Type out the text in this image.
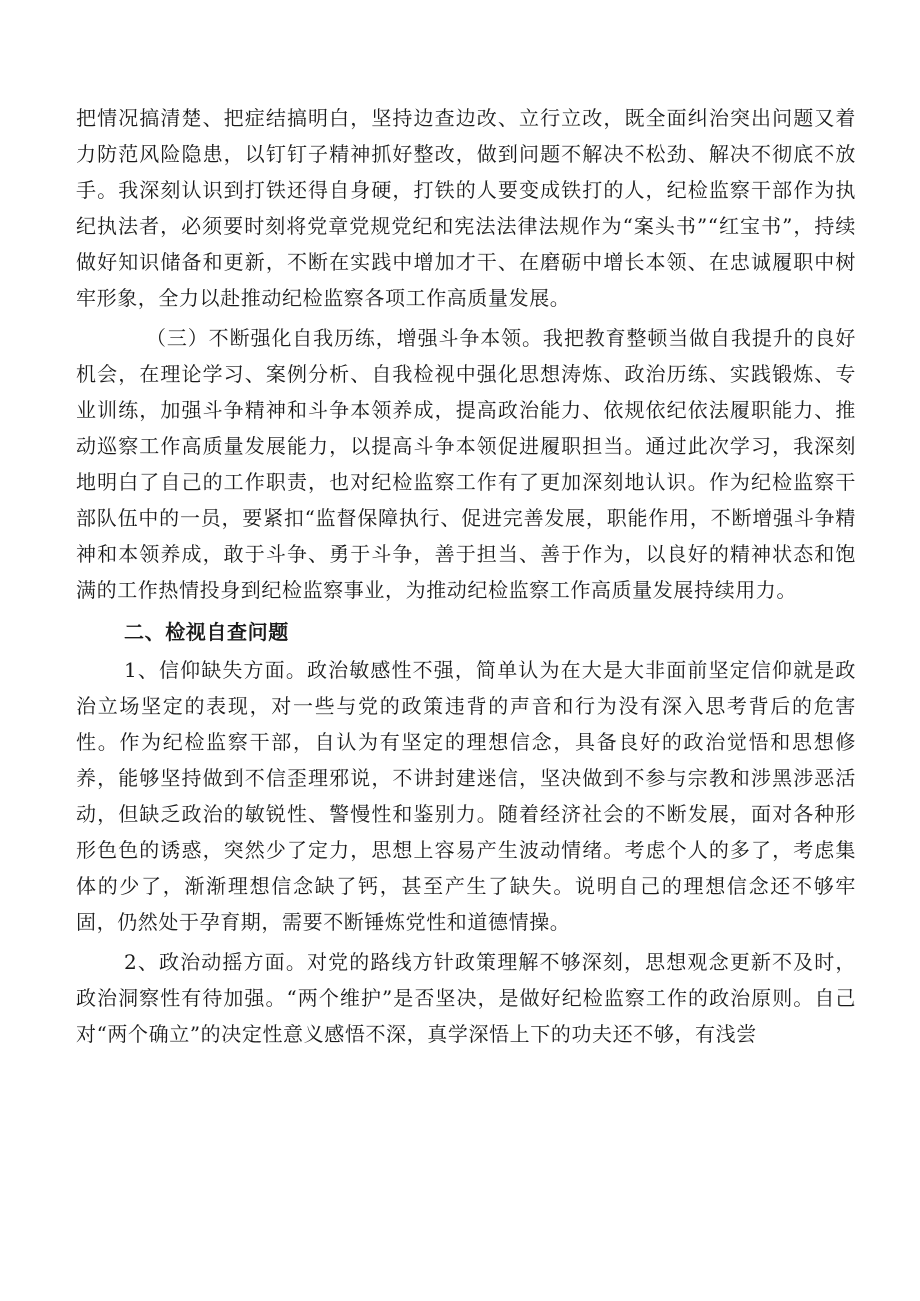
把情况搞清楚、把症结搞明白，坚持边查边改、立行立改，既全面纠治突出问题又着力防范风险隐患，以钉钉子精神抓好整改，做到问题不解决不松劲、解决不彻底不放手。我深刻认识到打铁还得自身硬，打铁的人要变成铁打的人，纪检监察干部作为执纪执法者，必须要时刻将党章党规党纪和宪法法律法规作为“案头书”“红宝书”，持续做好知识储备和更新，不断在实践中增加才干、在磨砺中增长本领、在忠诚履职中树牢形象，全力以赴推动纪检监察各项工作高质量发展。

（三）不断强化自我历练，增强斗争本领。我把教育整顿当做自我提升的良好机会，在理论学习、案例分析、自我检视中强化思想涛炼、政治历练、实践锻炼、专业训练，加强斗争精神和斗争本领养成，提高政治能力、依规依纪依法履职能力、推动巡察工作高质量发展能力，以提高斗争本领促进履职担当。通过此次学习，我深刻地明白了自己的工作职责，也对纪检监察工作有了更加深刻地认识。作为纪检监察干部队伍中的一员，要紧扣“监督保障执行、促进完善发展，职能作用，不断增强斗争精神和本领养成，敢于斗争、勇于斗争，善于担当、善于作为，以良好的精神状态和饱满的工作热情投身到纪检监察事业，为推动纪检监察工作高质量发展持续用力。

二、检视自查问题

1、信仰缺失方面。政治敏感性不强，简单认为在大是大非面前坚定信仰就是政治立场坚定的表现，对一些与党的政策违背的声音和行为没有深入思考背后的危害性。作为纪检监察干部，自认为有坚定的理想信念，具备良好的政治觉悟和思想修养，能够坚持做到不信歪理邪说，不讲封建迷信，坚决做到不参与宗教和涉黑涉恶活动，但缺乏政治的敏锐性、警慢性和鉴别力。随着经济社会的不断发展，面对各种形形色色的诱惑，突然少了定力，思想上容易产生波动情绪。考虑个人的多了，考虑集体的少了，渐渐理想信念缺了钙，甚至产生了缺失。说明自己的理想信念还不够牢固，仍然处于孕育期，需要不断锤炼党性和道德情操。

2、政治动摇方面。对党的路线方针政策理解不够深刻，思想观念更新不及时，政治洞察性有待加强。“两个维护”是否坚决，是做好纪检监察工作的政治原则。自己对“两个确立”的决定性意义感悟不深，真学深悟上下的功夫还不够，有浅尝
